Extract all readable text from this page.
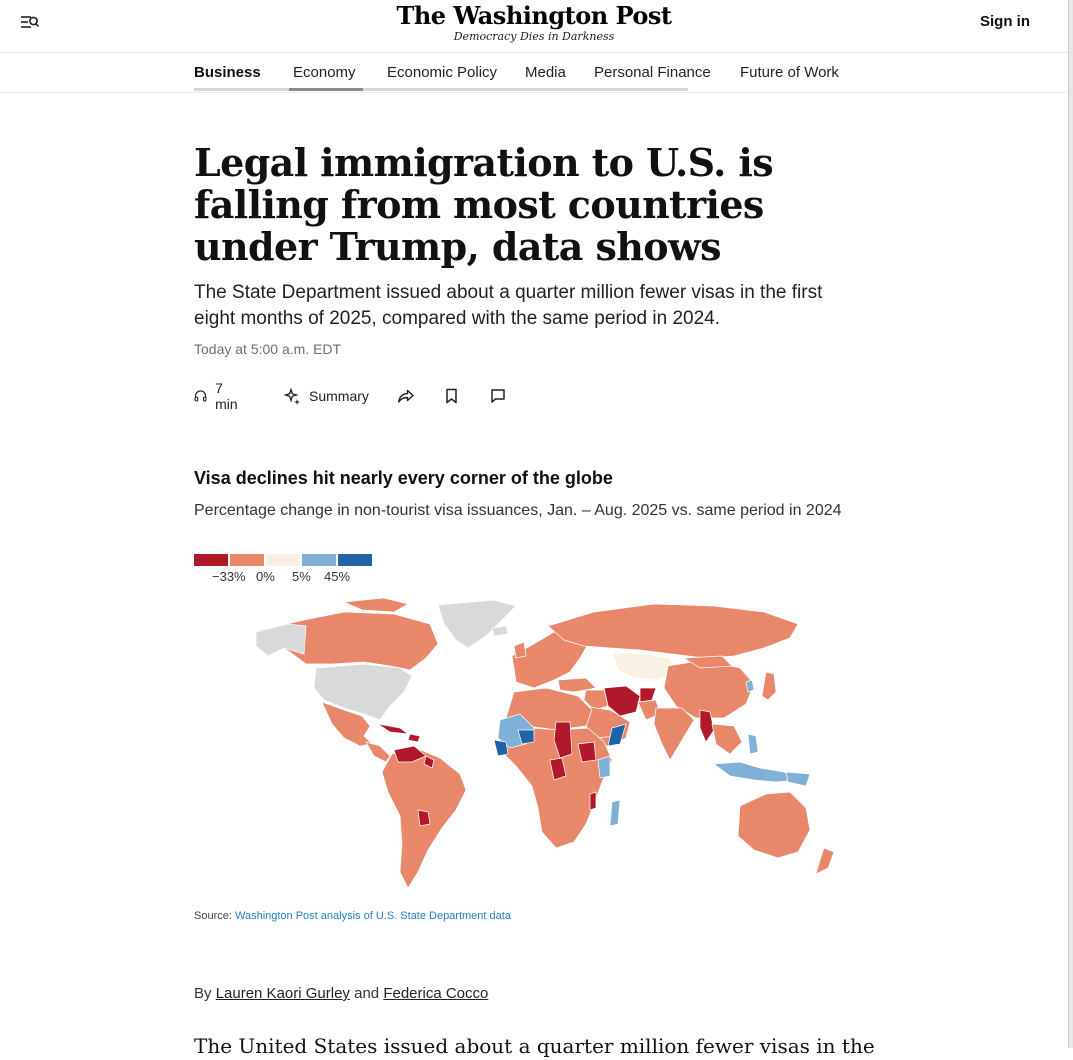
The Washington Post
Democracy Dies in Darkness
Sign in
Business Economy Economic Policy Media Personal Finance Future of Work
Legal immigration to U.S. is falling from most countries under Trump, data shows

The State Department issued about a quarter million fewer visas in the first eight months of 2025, compared with the same period in 2024.

Today at 5:00 a.m. EDT
7 min	Summary
Visa declines hit nearly every corner of the globe

Percentage change in non-tourist visa issuances, Jan. – Aug. 2025 vs. same period in 2024

−33% 0% 5% 45%
Source: Washington Post analysis of U.S. State Department data
By Lauren Kaori Gurley and Federica Cocco

The United States issued about a quarter million fewer visas in the
